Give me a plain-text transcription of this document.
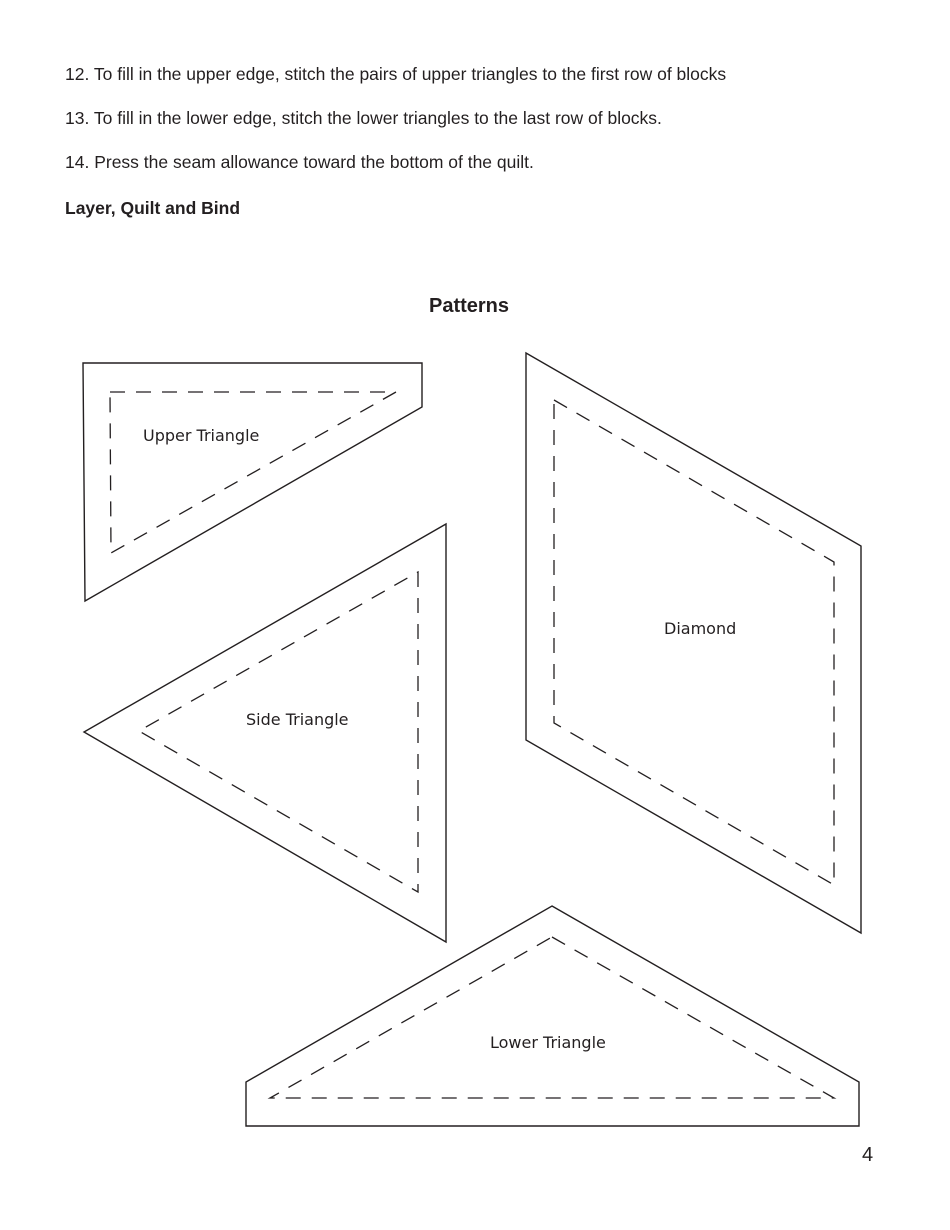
12. To fill in the upper edge, stitch the pairs of upper triangles to the first row of blocks
13. To fill in the lower edge, stitch the lower triangles to the last row of blocks.
14. Press the seam allowance toward the bottom of the quilt.
Layer, Quilt and Bind
Patterns
Upper Triangle
Side Triangle
Diamond
Lower Triangle
4
